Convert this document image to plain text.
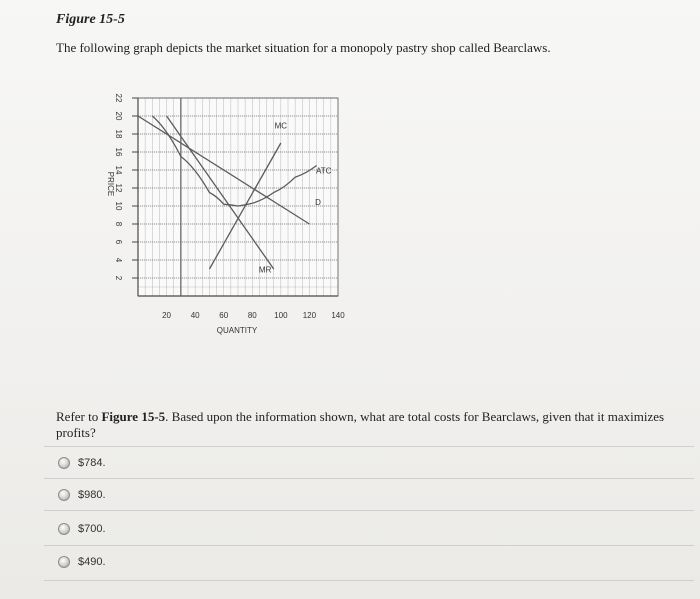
Figure 15-5
The following graph depicts the market situation for a monopoly pastry shop called Bearclaws.
2
4
6
8
10
12
14
16
18
20
22
20 40 60 80 100 120 140
PRICE
QUANTITY
MC
ATC
D
MR
Refer to Figure 15-5. Based upon the information shown, what are total costs for Bearclaws, given that it maximizes profits?
$784.
$980.
$700.
$490.
